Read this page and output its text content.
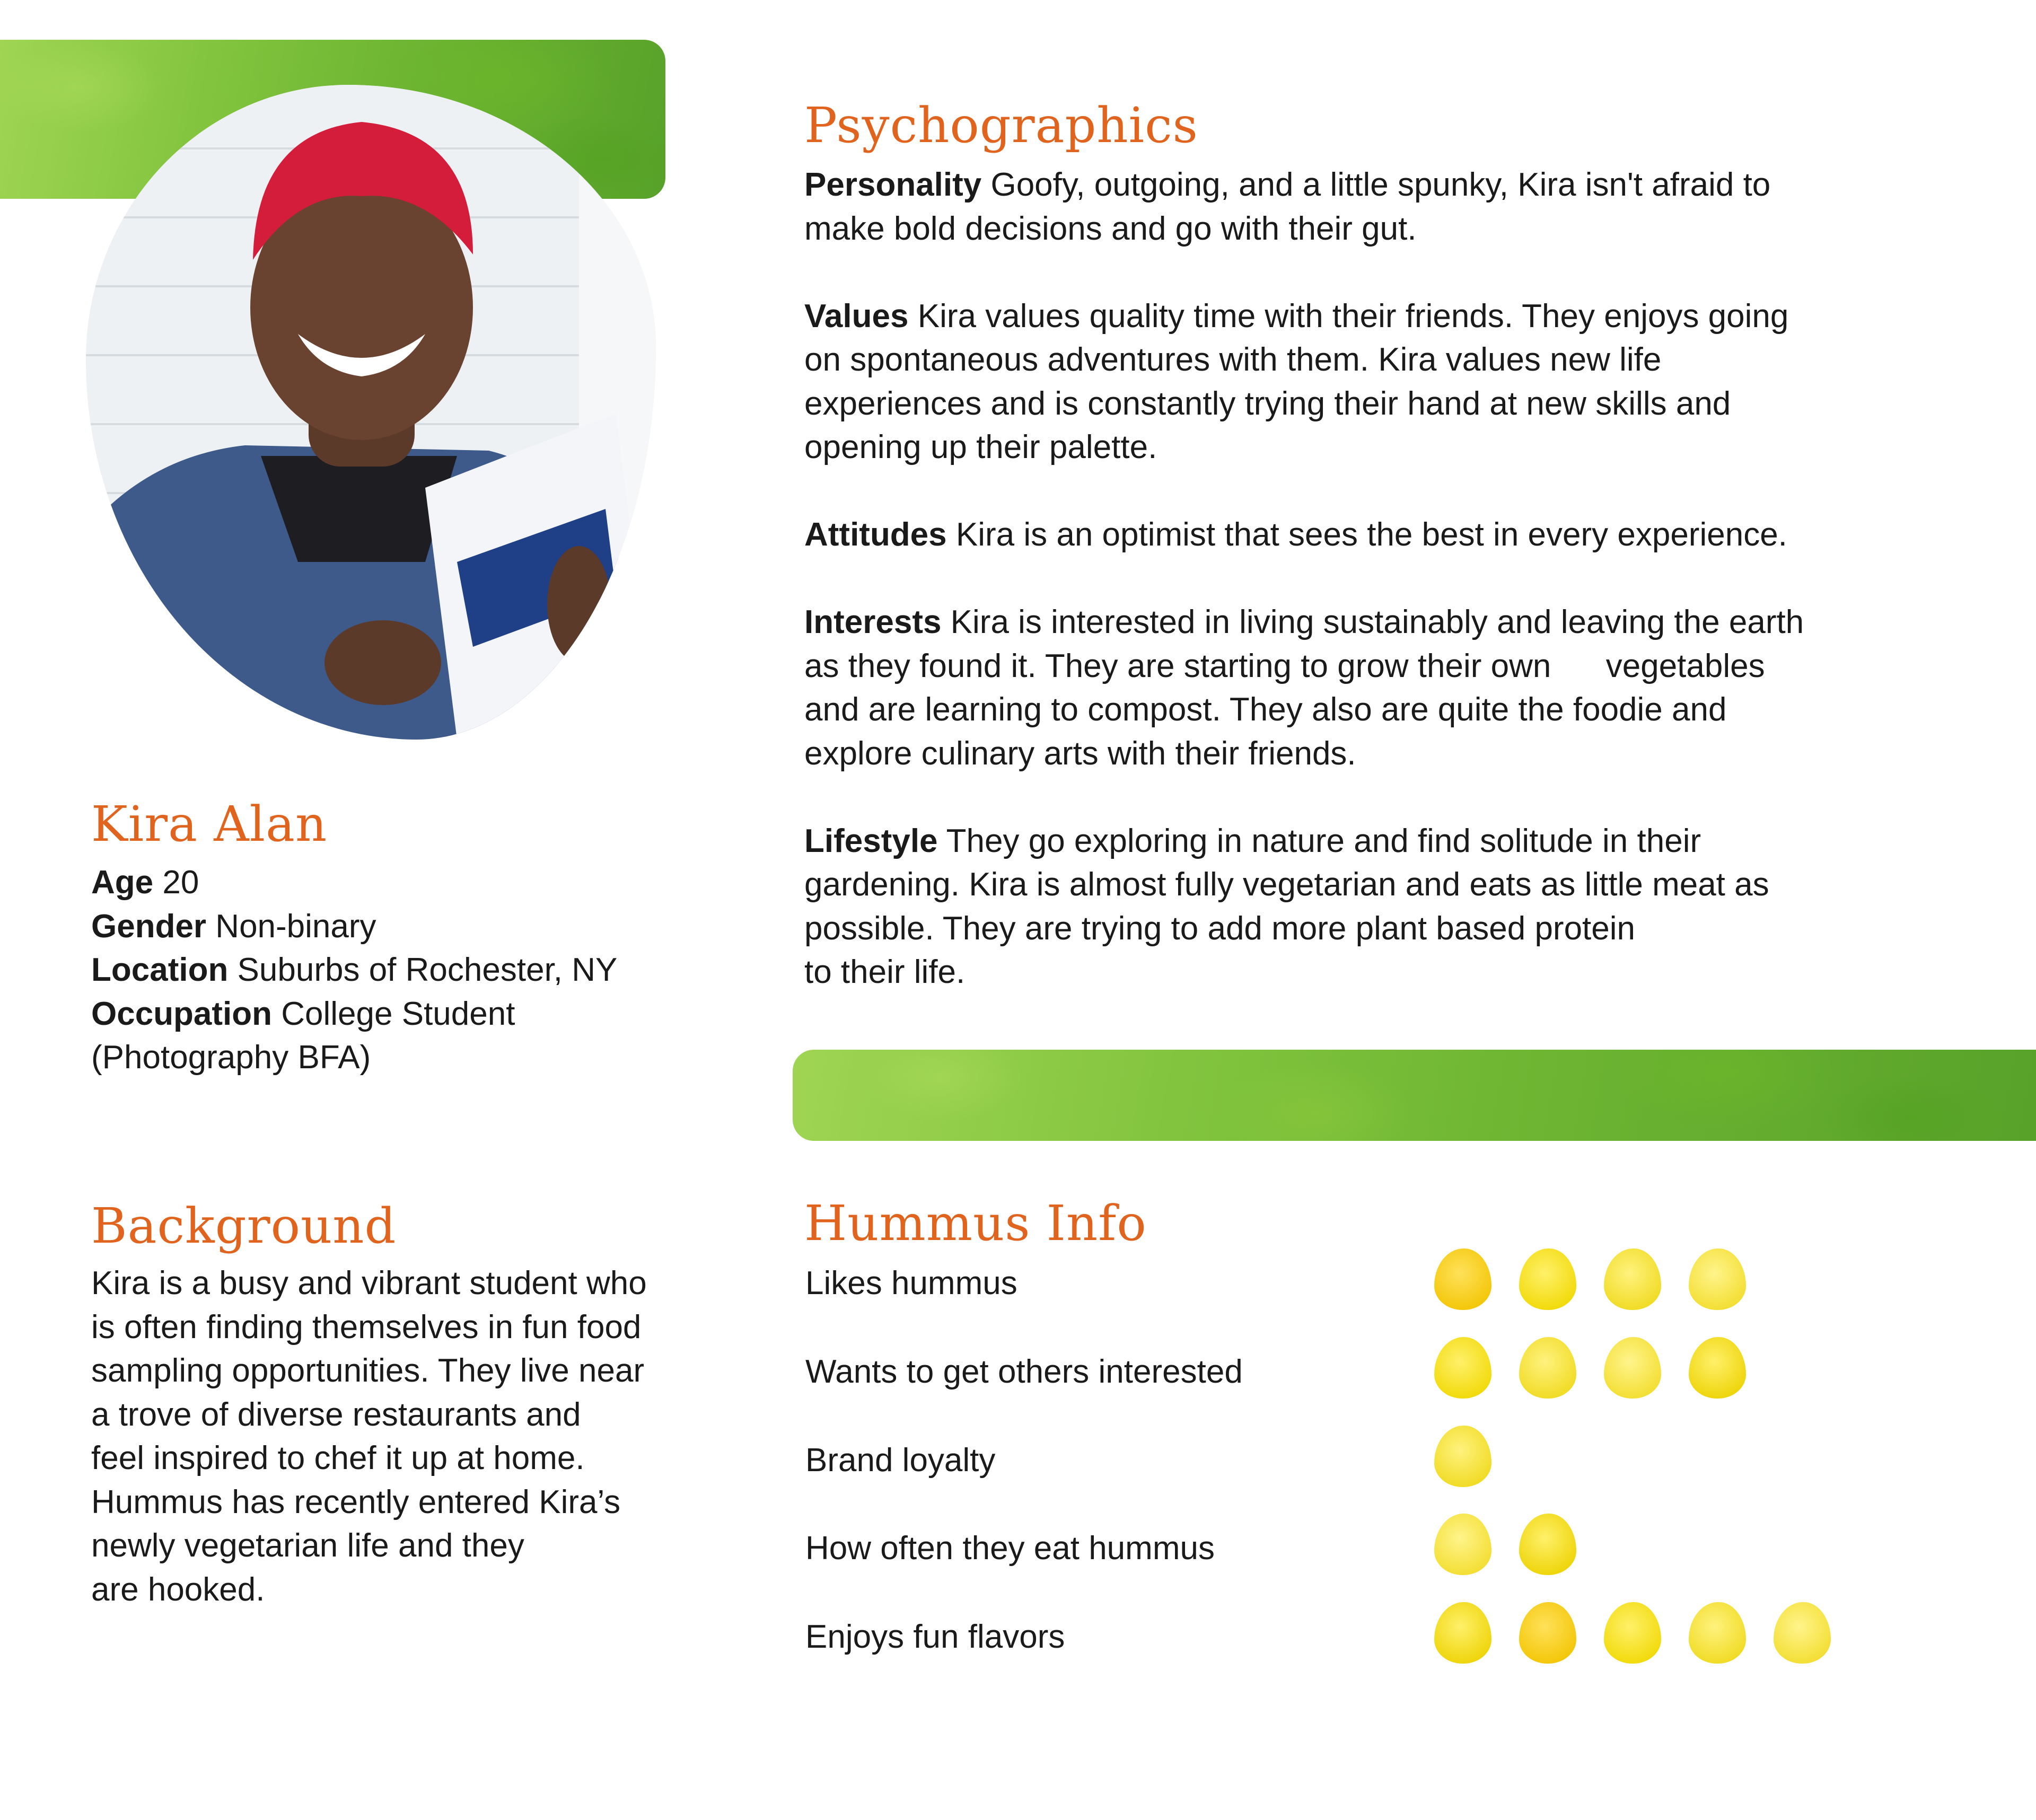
Psychographics
Personality Goofy, outgoing, and a little spunky, Kira isn't afraid to
make bold decisions and go with their gut.
Values Kira values quality time with their friends. They enjoys going
on spontaneous adventures with them. Kira values new life
experiences and is constantly trying their hand at new skills and
opening up their palette.
Attitudes Kira is an optimist that sees the best in every experience.
Interests Kira is interested in living sustainably and leaving the earth
as they found it. They are starting to grow their own      vegetables
and are learning to compost. They also are quite the foodie and
explore culinary arts with their friends.
Lifestyle They go exploring in nature and find solitude in their
gardening. Kira is almost fully vegetarian and eats as little meat as
possible. They are trying to add more plant based protein
to their life.
Kira Alan
Age 20
Gender Non-binary
Location Suburbs of Rochester, NY
Occupation College Student
(Photography BFA)
Background
Kira is a busy and vibrant student who
is often finding themselves in fun food
sampling opportunities. They live near
a trove of diverse restaurants and
feel inspired to chef it up at home.
Hummus has recently entered Kira’s
newly vegetarian life and they
are hooked.
Hummus Info
Likes hummus
Wants to get others interested
Brand loyalty
How often they eat hummus
Enjoys fun flavors
